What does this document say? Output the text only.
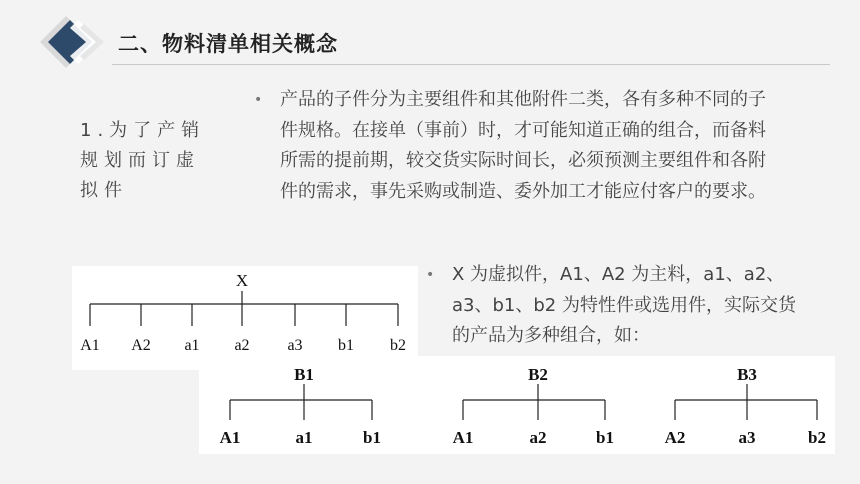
二、物料清单相关概念
1.为了产销规划而订虚拟件
• 产品的子件分为主要组件和其他附件二类，各有多种不同的子件规格。在接单（事前）时，才可能知道正确的组合，而备料所需的提前期，较交货实际时间长，必须预测主要组件和各附件的需求，事先采购或制造、委外加工才能应付客户的要求。
• X 为虚拟件，A1、A2 为主料，a1、a2、a3、b1、b2 为特性件或选用件，实际交货的产品为多种组合，如：
X
A1 A2 a1 a2 a3 b1 b2
B1
A1	a1	b1
B2
A1	a2	b1
B3
A2	a3	b2
